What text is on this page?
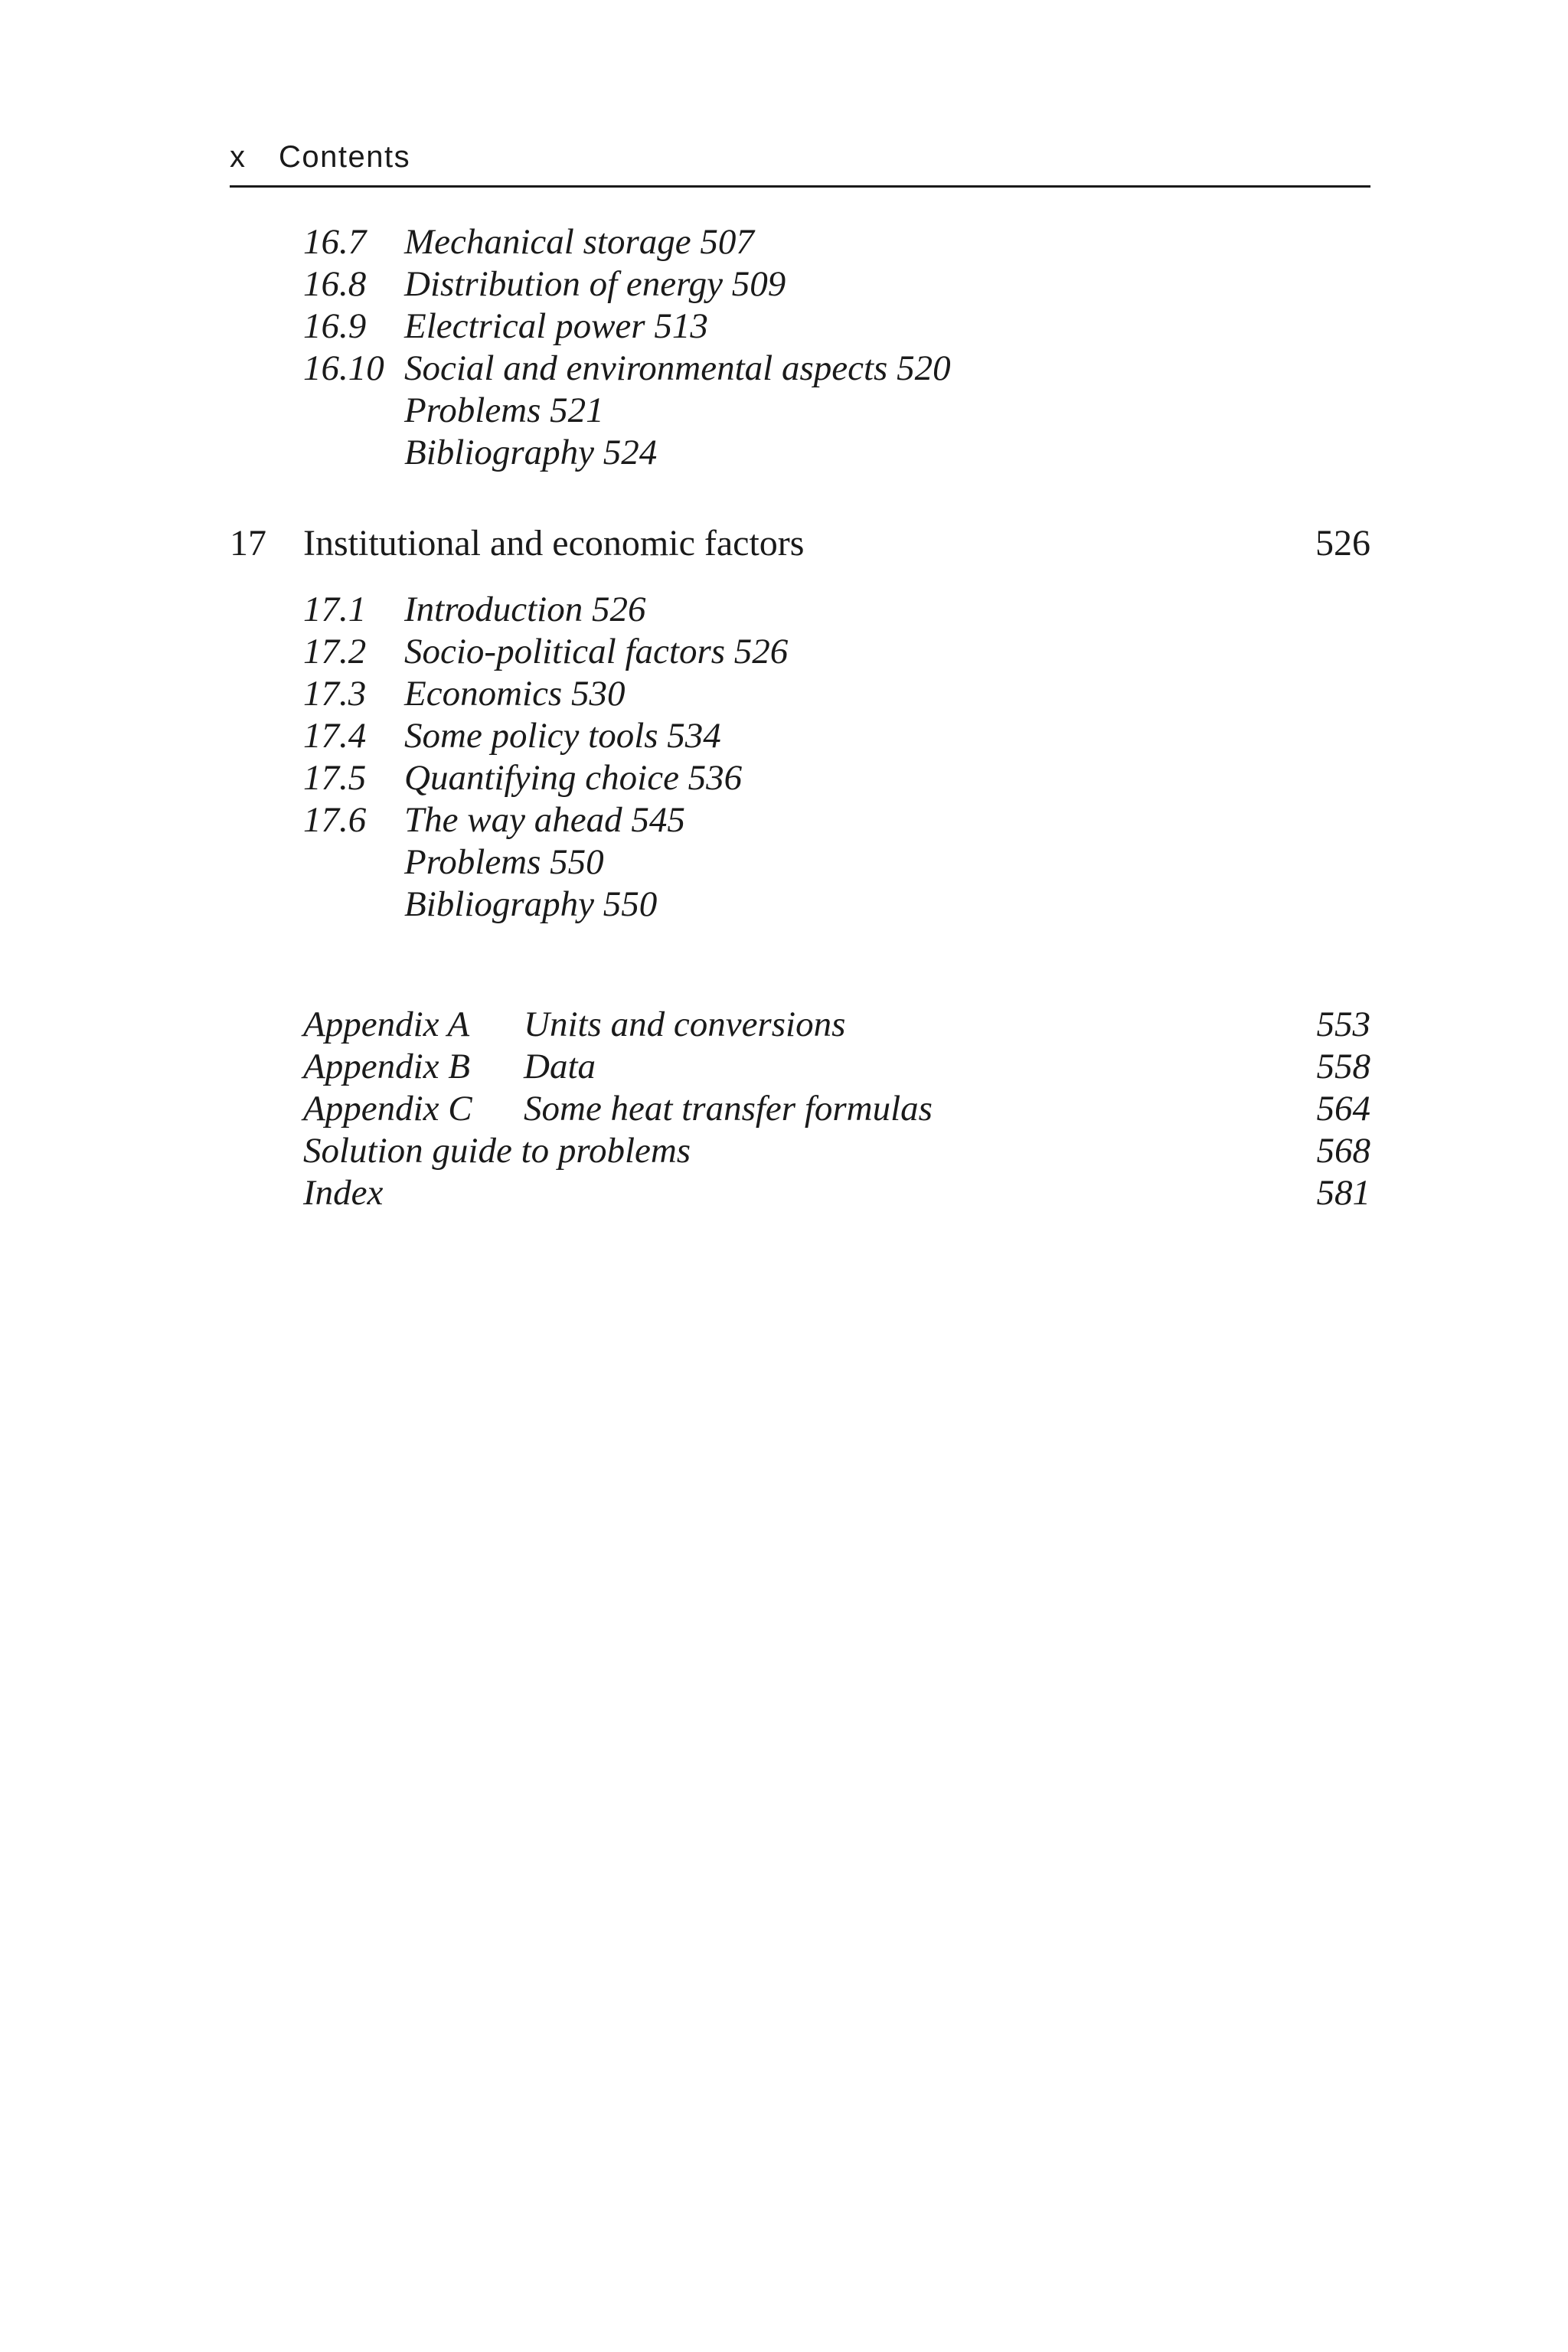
x Contents
16.7 Mechanical storage 507
16.8 Distribution of energy 509
16.9 Electrical power 513
16.10 Social and environmental aspects 520
Problems 521
Bibliography 524
17 Institutional and economic factors	526
17.1 Introduction 526
17.2 Socio-political factors 526
17.3 Economics 530
17.4 Some policy tools 534
17.5 Quantifying choice 536
17.6 The way ahead 545
Problems 550
Bibliography 550
Appendix A Units and conversions	553
Appendix B Data	558
Appendix C Some heat transfer formulas	564
Solution guide to problems	568
Index	581
